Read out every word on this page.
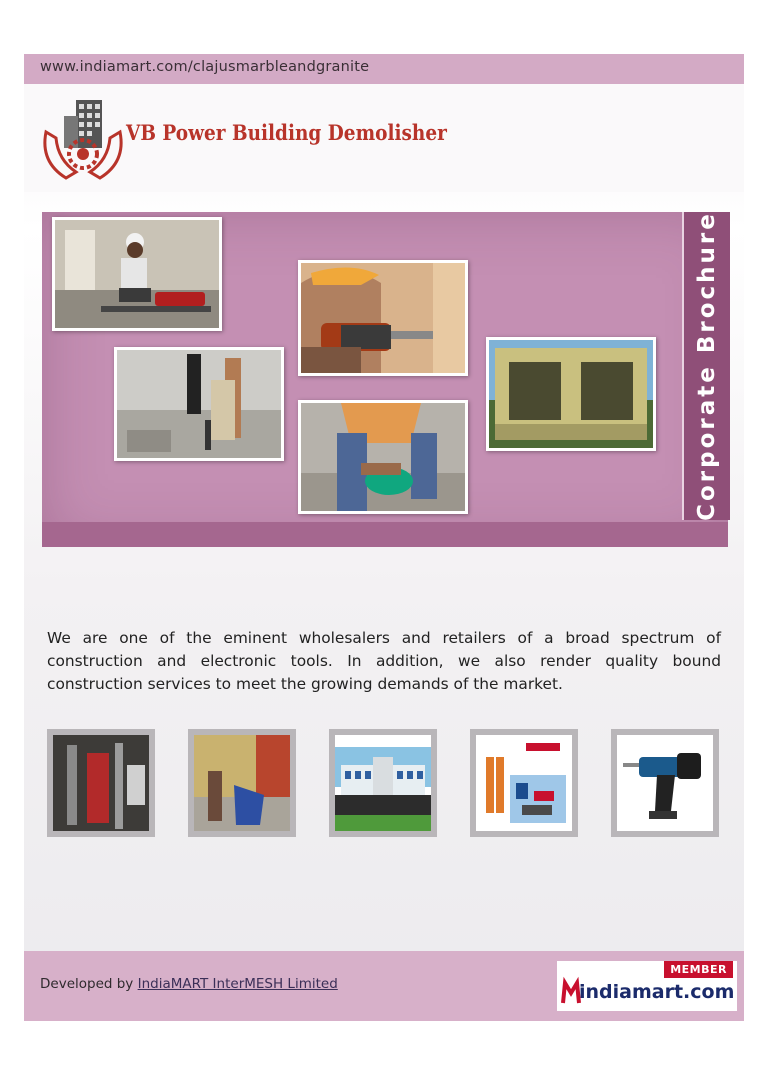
www.indiamart.com/clajusmarbleandgranite
VB Power Building Demolisher
Corporate Brochure

We are one of the eminent wholesalers and retailers of a broad spectrum of construction and electronic tools. In addition, we also render quality bound construction services to meet the growing demands of the market.

Developed by IndiaMART InterMESH Limited
MEMBER
indiamart.com
